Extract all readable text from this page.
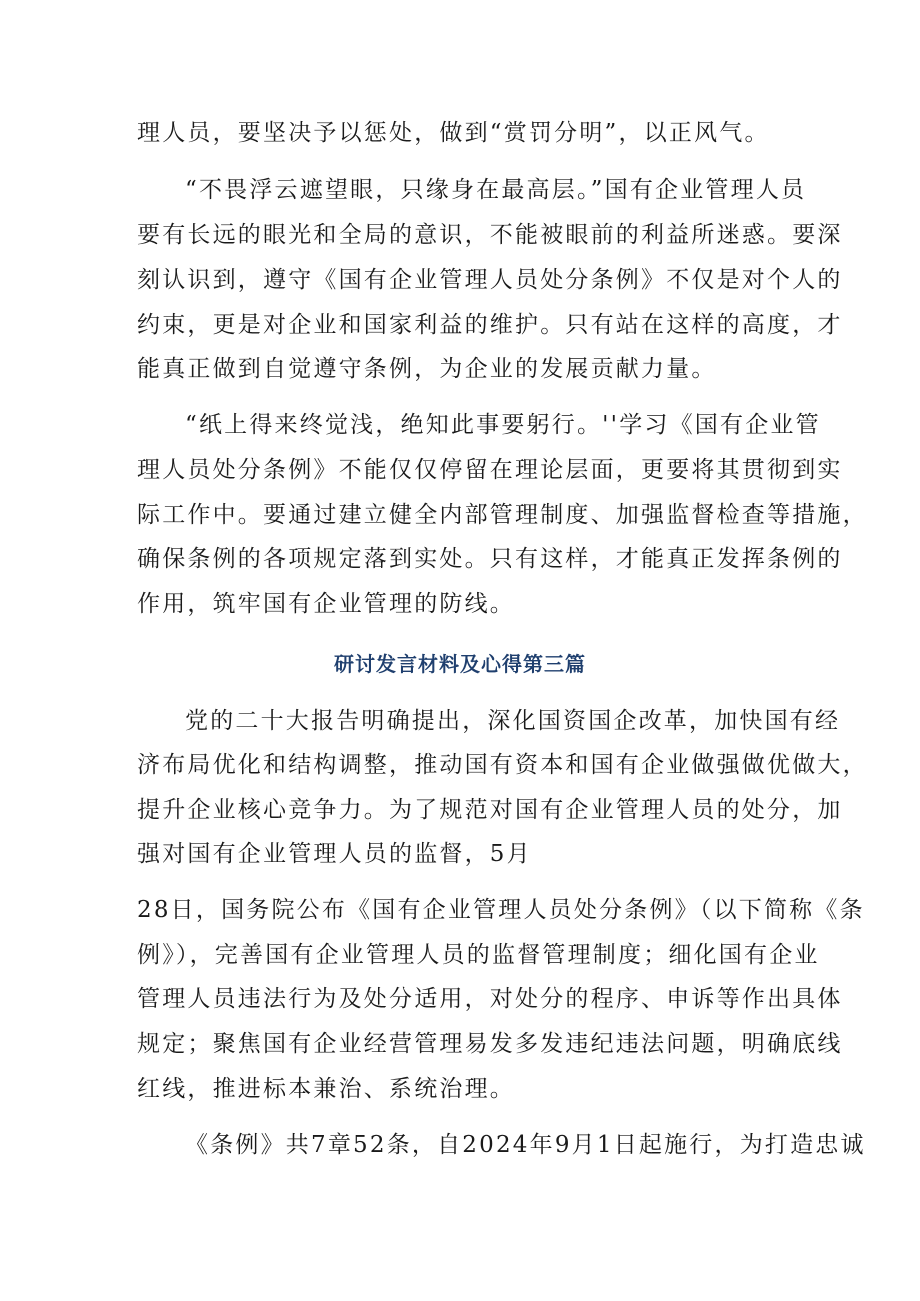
理人员，要坚决予以惩处，做到“赏罚分明”，以正风气。
“不畏浮云遮望眼，只缘身在最高层。”国有企业管理人员
要有长远的眼光和全局的意识，不能被眼前的利益所迷惑。要深
刻认识到，遵守《国有企业管理人员处分条例》不仅是对个人的
约束，更是对企业和国家利益的维护。只有站在这样的高度，才
能真正做到自觉遵守条例，为企业的发展贡献力量。
“纸上得来终觉浅，绝知此事要躬行。''学习《国有企业管
理人员处分条例》不能仅仅停留在理论层面，更要将其贯彻到实
际工作中。要通过建立健全内部管理制度、加强监督检查等措施，
确保条例的各项规定落到实处。只有这样，才能真正发挥条例的
作用，筑牢国有企业管理的防线。
研讨发言材料及心得第三篇
党的二十大报告明确提出，深化国资国企改革，加快国有经
济布局优化和结构调整，推动国有资本和国有企业做强做优做大，
提升企业核心竞争力。为了规范对国有企业管理人员的处分，加
强对国有企业管理人员的监督，5月
28日，国务院公布《国有企业管理人员处分条例》（以下简称《条
例》），完善国有企业管理人员的监督管理制度；细化国有企业
管理人员违法行为及处分适用，对处分的程序、申诉等作出具体
规定；聚焦国有企业经营管理易发多发违纪违法问题，明确底线
红线，推进标本兼治、系统治理。
《条例》共7章52条，自2024年9月1日起施行，为打造忠诚
